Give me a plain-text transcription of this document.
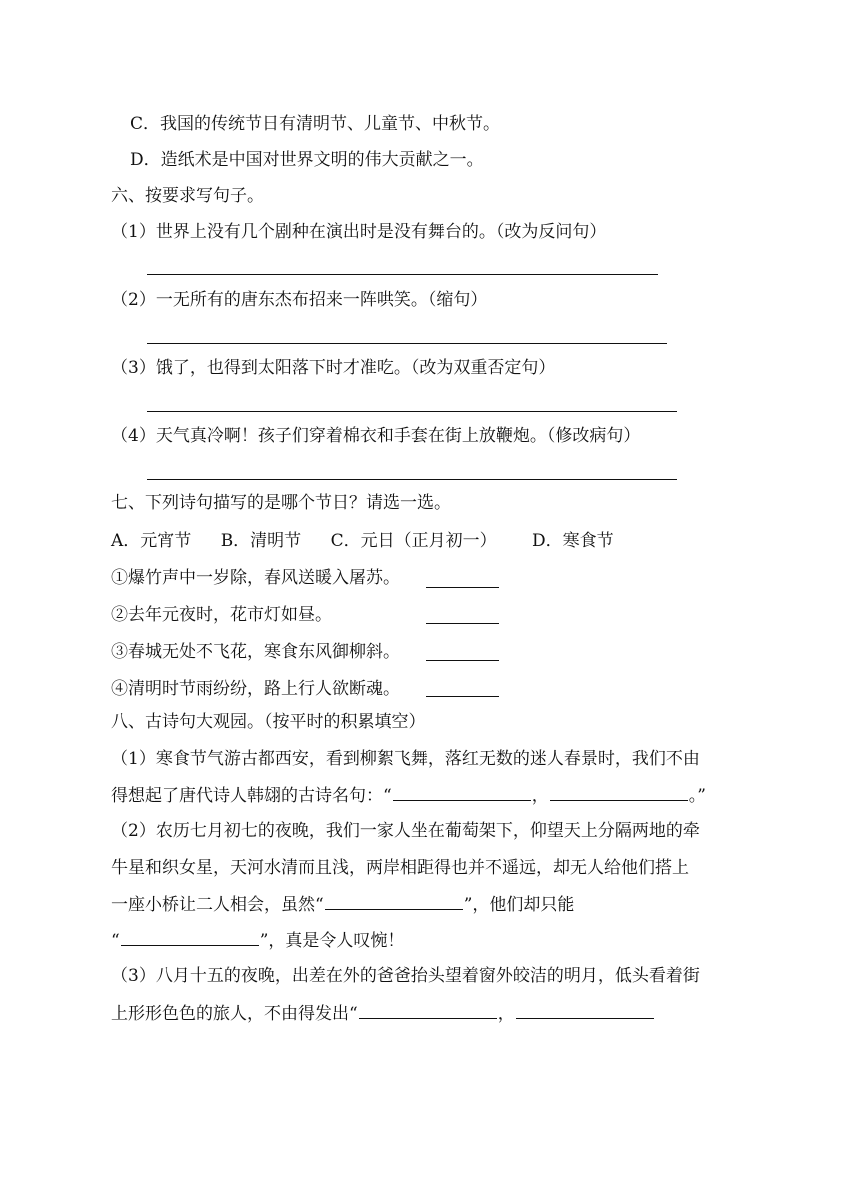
C．我国的传统节日有清明节、儿童节、中秋节。
D．造纸术是中国对世界文明的伟大贡献之一。
六、按要求写句子。
（1）世界上没有几个剧种在演出时是没有舞台的。（改为反问句）
（2）一无所有的唐东杰布招来一阵哄笑。（缩句）
（3）饿了，也得到太阳落下时才准吃。（改为双重否定句）
（4）天气真冷啊！孩子们穿着棉衣和手套在街上放鞭炮。（修改病句）
七、下列诗句描写的是哪个节日？请选一选。
A．元宵节 B．清明节 C．元日（正月初一） D．寒食节
①爆竹声中一岁除，春风送暖入屠苏。
②去年元夜时，花市灯如昼。
③春城无处不飞花，寒食东风御柳斜。
④清明时节雨纷纷，路上行人欲断魂。
八、古诗句大观园。（按平时的积累填空）
（1）寒食节气游古都西安，看到柳絮飞舞，落红无数的迷人春景时，我们不由
得想起了唐代诗人韩翃的古诗名句：“	，	。”
（2）农历七月初七的夜晚，我们一家人坐在葡萄架下，仰望天上分隔两地的牵
牛星和织女星，天河水清而且浅，两岸相距得也并不遥远，却无人给他们搭上
一座小桥让二人相会，虽然“	”，他们却只能
“	”，真是令人叹惋！
（3）八月十五的夜晚，出差在外的爸爸抬头望着窗外皎洁的明月，低头看着街
上形形色色的旅人，不由得发出“	，
